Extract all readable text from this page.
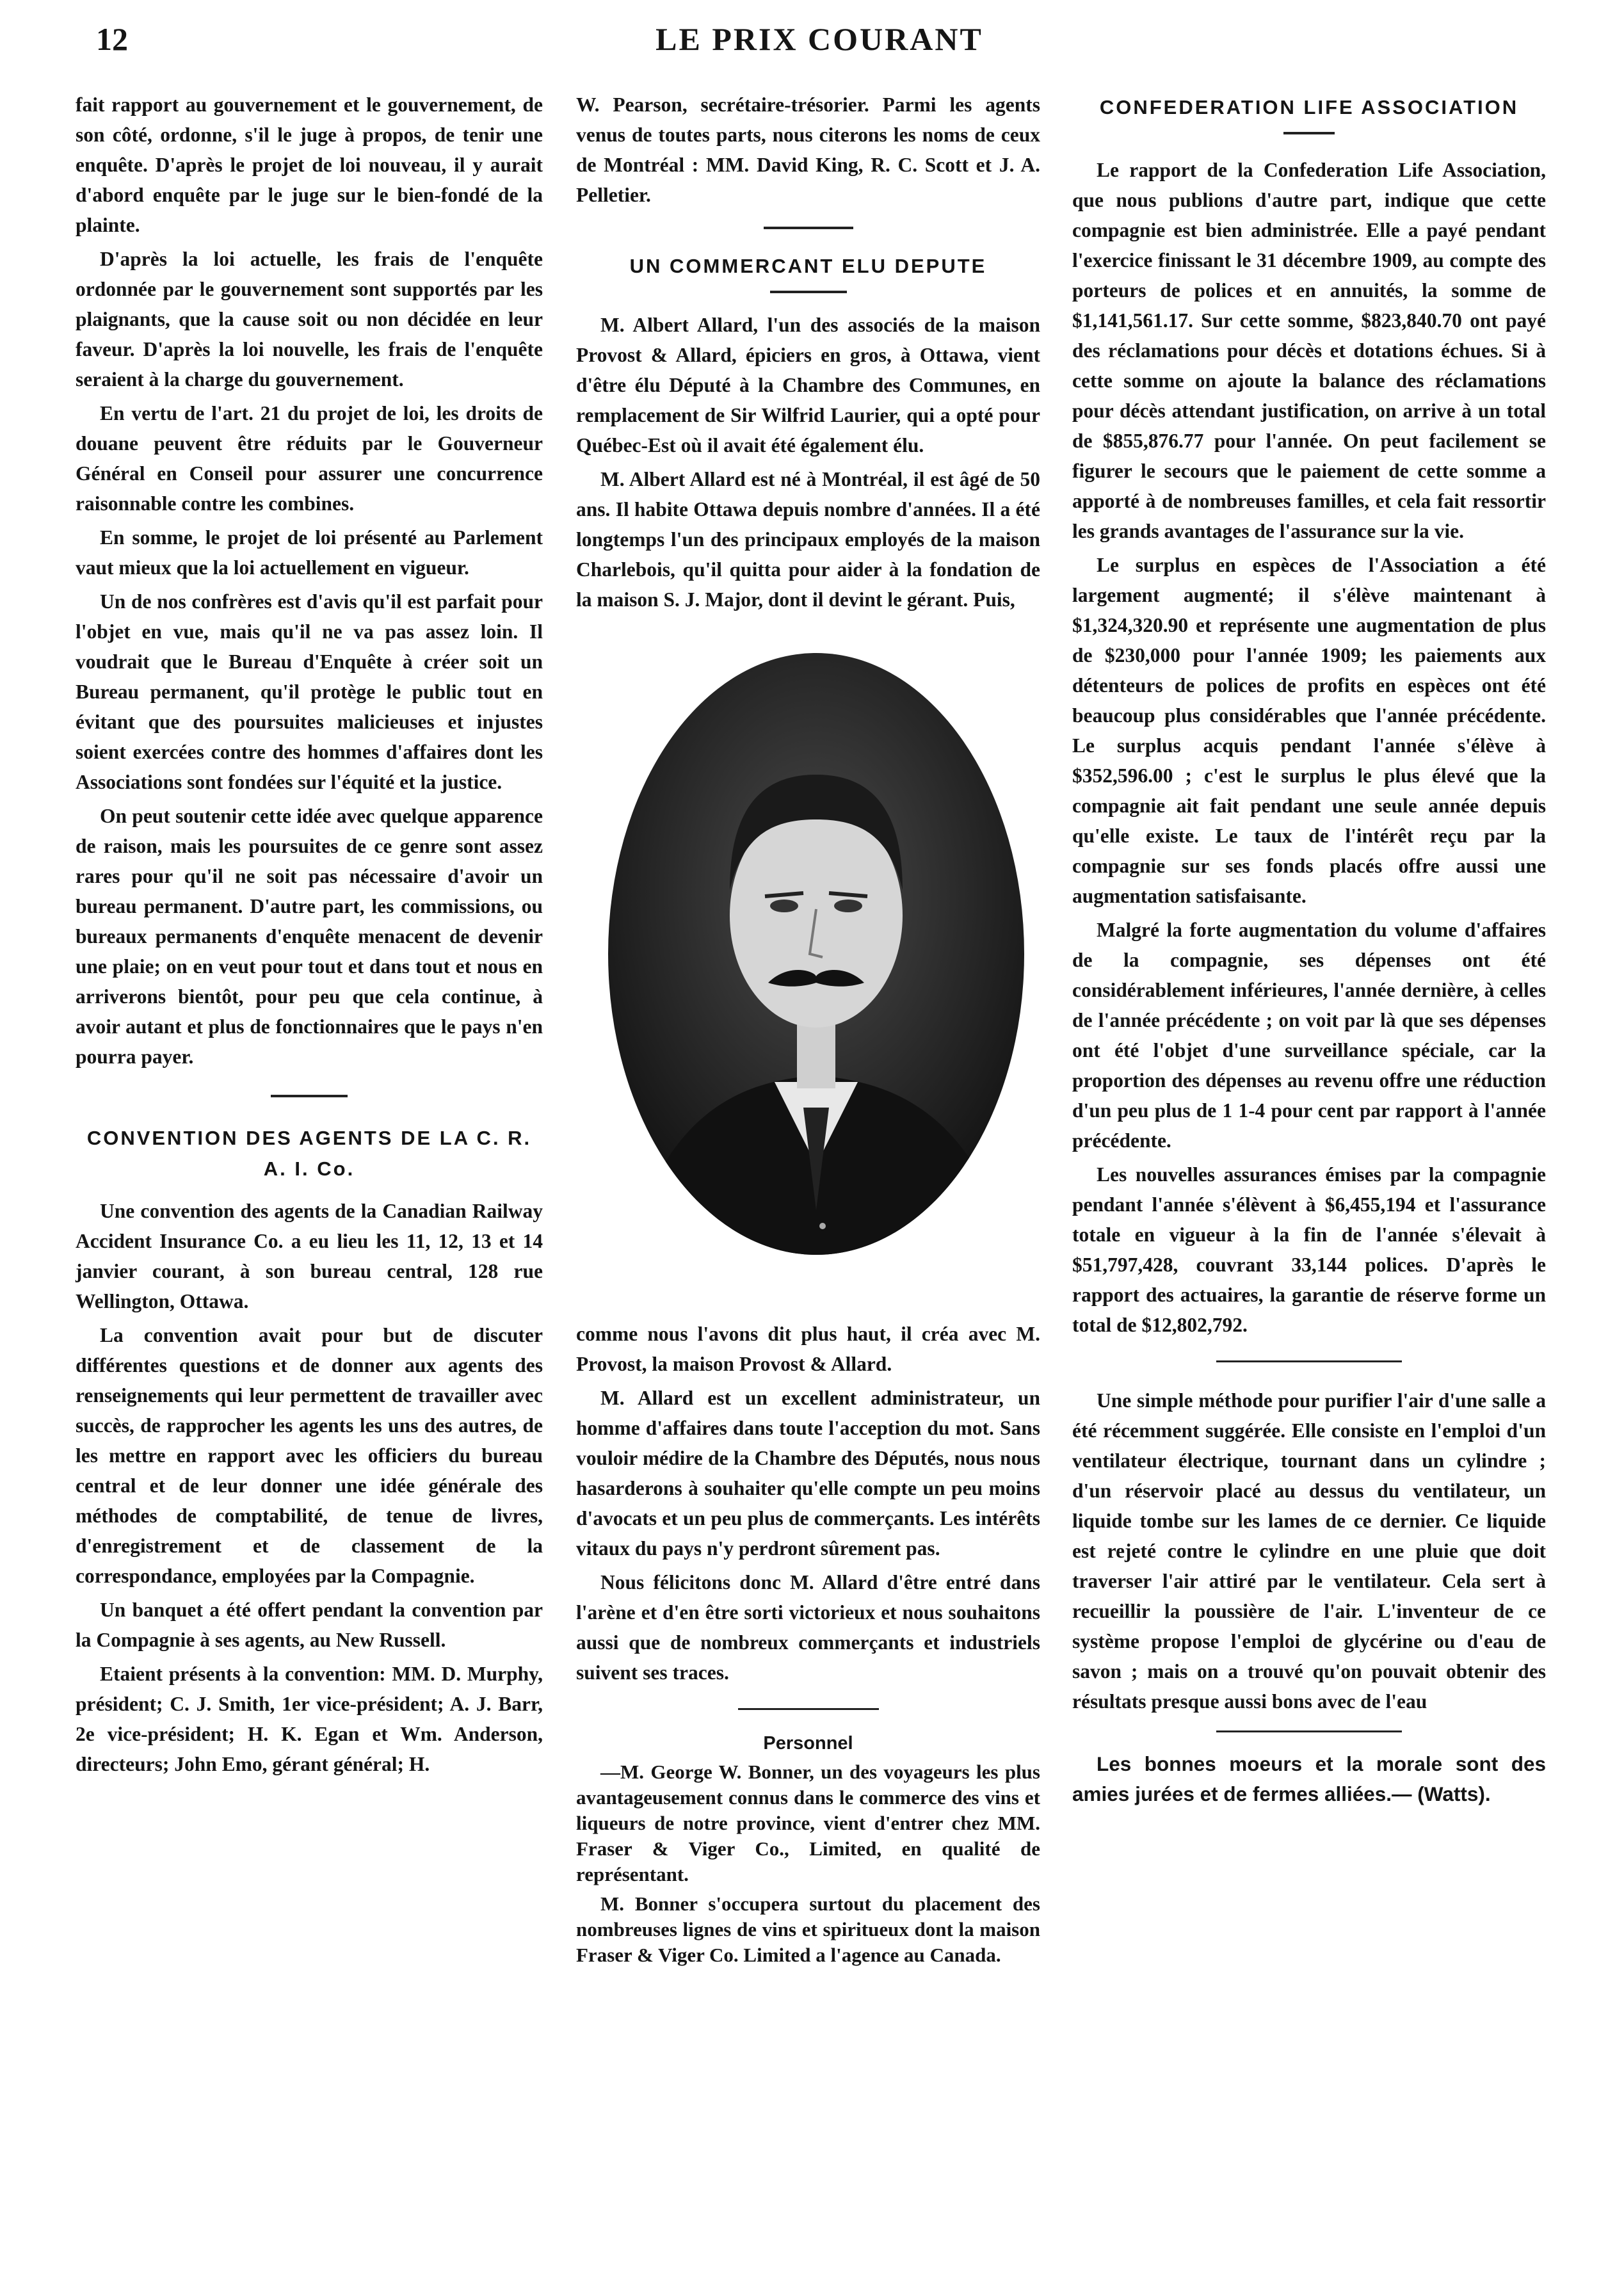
12	LE PRIX COURANT

fait rapport au gouvernement et le gouvernement, de son côté, ordonne, s'il le juge à propos, de tenir une enquête. D'après le projet de loi nouveau, il y aurait d'abord enquête par le juge sur le bien-fondé de la plainte.

D'après la loi actuelle, les frais de l'enquête ordonnée par le gouvernement sont supportés par les plaignants, que la cause soit ou non décidée en leur faveur. D'après la loi nouvelle, les frais de l'enquête seraient à la charge du gouvernement.

En vertu de l'art. 21 du projet de loi, les droits de douane peuvent être réduits par le Gouverneur Général en Conseil pour assurer une concurrence raisonnable contre les combines.

En somme, le projet de loi présenté au Parlement vaut mieux que la loi actuellement en vigueur.

Un de nos confrères est d'avis qu'il est parfait pour l'objet en vue, mais qu'il ne va pas assez loin. Il voudrait que le Bureau d'Enquête à créer soit un Bureau permanent, qu'il protège le public tout en évitant que des poursuites malicieuses et injustes soient exercées contre des hommes d'affaires dont les Associations sont fondées sur l'équité et la justice.

On peut soutenir cette idée avec quelque apparence de raison, mais les poursuites de ce genre sont assez rares pour qu'il ne soit pas nécessaire d'avoir un bureau permanent. D'autre part, les commissions, ou bureaux permanents d'enquête menacent de devenir une plaie; on en veut pour tout et dans tout et nous en arriverons bientôt, pour peu que cela continue, à avoir autant et plus de fonctionnaires que le pays n'en pourra payer.

CONVENTION DES AGENTS DE LA C. R. A. I. Co.

Une convention des agents de la Canadian Railway Accident Insurance Co. a eu lieu les 11, 12, 13 et 14 janvier courant, à son bureau central, 128 rue Wellington, Ottawa.

La convention avait pour but de discuter différentes questions et de donner aux agents des renseignements qui leur permettent de travailler avec succès, de rapprocher les agents les uns des autres, de les mettre en rapport avec les officiers du bureau central et de leur donner une idée générale des méthodes de comptabilité, de tenue de livres, d'enregistrement et de classement de la correspondance, employées par la Compagnie.

Un banquet a été offert pendant la convention par la Compagnie à ses agents, au New Russell.

Etaient présents à la convention: MM. D. Murphy, président; C. J. Smith, 1er vice-président; A. J. Barr, 2e vice-président; H. K. Egan et Wm. Anderson, directeurs; John Emo, gérant général; H.

W. Pearson, secrétaire-trésorier. Parmi les agents venus de toutes parts, nous citerons les noms de ceux de Montréal : MM. David King, R. C. Scott et J. A. Pelletier.

UN COMMERCANT ELU DEPUTE

M. Albert Allard, l'un des associés de la maison Provost & Allard, épiciers en gros, à Ottawa, vient d'être élu Député à la Chambre des Communes, en remplacement de Sir Wilfrid Laurier, qui a opté pour Québec-Est où il avait été également élu.

M. Albert Allard est né à Montréal, il est âgé de 50 ans. Il habite Ottawa depuis nombre d'années. Il a été longtemps l'un des principaux employés de la maison Charlebois, qu'il quitta pour aider à la fondation de la maison S. J. Major, dont il devint le gérant. Puis,

comme nous l'avons dit plus haut, il créa avec M. Provost, la maison Provost & Allard.

M. Allard est un excellent administrateur, un homme d'affaires dans toute l'acception du mot. Sans vouloir médire de la Chambre des Députés, nous nous hasarderons à souhaiter qu'elle compte un peu moins d'avocats et un peu plus de commerçants. Les intérêts vitaux du pays n'y perdront sûrement pas.

Nous félicitons donc M. Allard d'être entré dans l'arène et d'en être sorti victorieux et nous souhaitons aussi que de nombreux commerçants et industriels suivent ses traces.

Personnel

—M. George W. Bonner, un des voyageurs les plus avantageusement connus dans le commerce des vins et liqueurs de notre province, vient d'entrer chez MM. Fraser & Viger Co., Limited, en qualité de représentant.

M. Bonner s'occupera surtout du placement des nombreuses lignes de vins et spiritueux dont la maison Fraser & Viger Co. Limited a l'agence au Canada.

CONFEDERATION LIFE ASSOCIATION

Le rapport de la Confederation Life Association, que nous publions d'autre part, indique que cette compagnie est bien administrée. Elle a payé pendant l'exercice finissant le 31 décembre 1909, au compte des porteurs de polices et en annuités, la somme de $1,141,561.17. Sur cette somme, $823,840.70 ont payé des réclamations pour décès et dotations échues. Si à cette somme on ajoute la balance des réclamations pour décès attendant justification, on arrive à un total de $855,876.77 pour l'année. On peut facilement se figurer le secours que le paiement de cette somme a apporté à de nombreuses familles, et cela fait ressortir les grands avantages de l'assurance sur la vie.

Le surplus en espèces de l'Association a été largement augmenté; il s'élève maintenant à $1,324,320.90 et représente une augmentation de plus de $230,000 pour l'année 1909; les paiements aux détenteurs de polices de profits en espèces ont été beaucoup plus considérables que l'année précédente. Le surplus acquis pendant l'année s'élève à $352,596.00 ; c'est le surplus le plus élevé que la compagnie ait fait pendant une seule année depuis qu'elle existe. Le taux de l'intérêt reçu par la compagnie sur ses fonds placés offre aussi une augmentation satisfaisante.

Malgré la forte augmentation du volume d'affaires de la compagnie, ses dépenses ont été considérablement inférieures, l'année dernière, à celles de l'année précédente ; on voit par là que ses dépenses ont été l'objet d'une surveillance spéciale, car la proportion des dépenses au revenu offre une réduction d'un peu plus de 1 1-4 pour cent par rapport à l'année précédente.

Les nouvelles assurances émises par la compagnie pendant l'année s'élèvent à $6,455,194 et l'assurance totale en vigueur à la fin de l'année s'élevait à $51,797,428, couvrant 33,144 polices. D'après le rapport des actuaires, la garantie de réserve forme un total de $12,802,792.

Une simple méthode pour purifier l'air d'une salle a été récemment suggérée. Elle consiste en l'emploi d'un ventilateur électrique, tournant dans un cylindre ; d'un réservoir placé au dessus du ventilateur, un liquide tombe sur les lames de ce dernier. Ce liquide est rejeté contre le cylindre en une pluie que doit traverser l'air attiré par le ventilateur. Cela sert à recueillir la poussière de l'air. L'inventeur de ce système propose l'emploi de glycérine ou d'eau de savon ; mais on a trouvé qu'on pouvait obtenir des résultats presque aussi bons avec de l'eau

Les bonnes moeurs et la morale sont des amies jurées et de fermes alliées.— (Watts).
